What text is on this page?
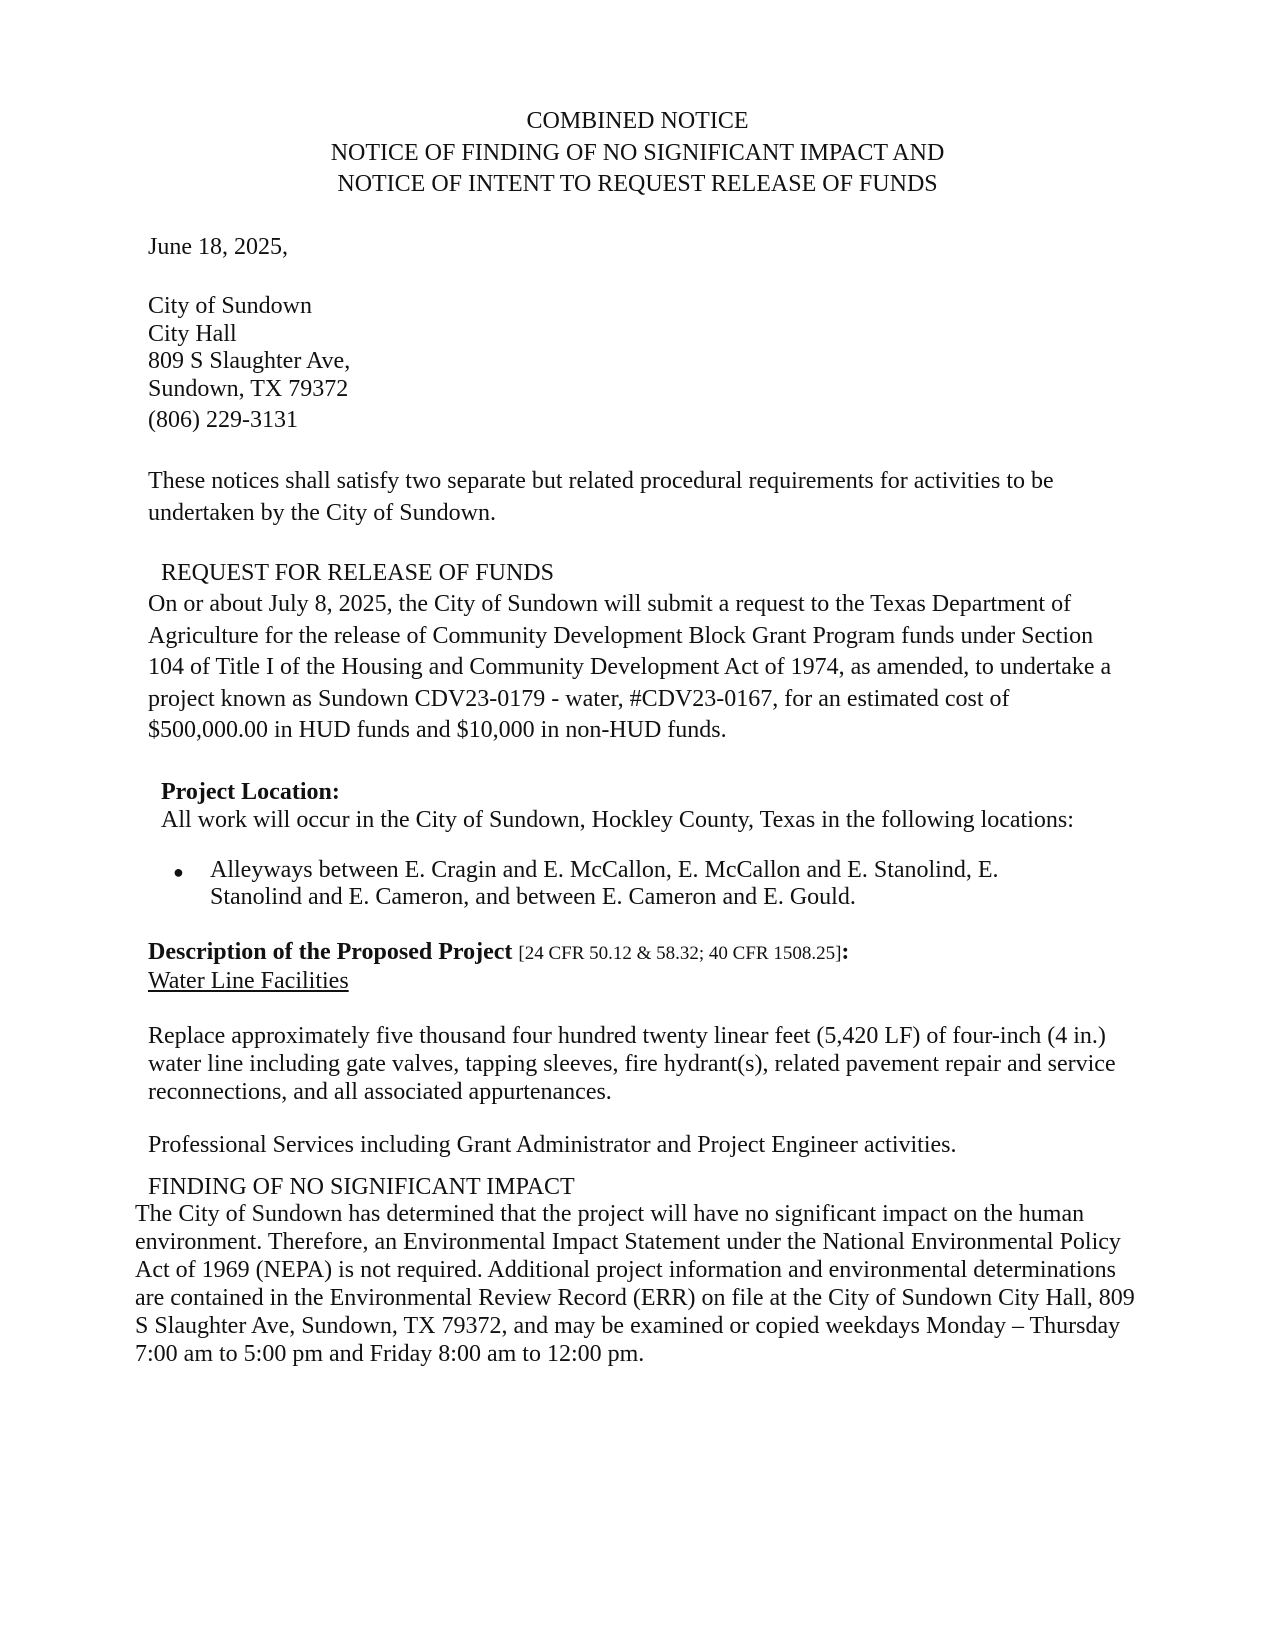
COMBINED NOTICE

NOTICE OF FINDING OF NO SIGNIFICANT IMPACT AND

NOTICE OF INTENT TO REQUEST RELEASE OF FUNDS

June 18, 2025,

City of Sundown

City Hall

809 S Slaughter Ave,

Sundown, TX 79372

(806) 229-3131

These notices shall satisfy two separate but related procedural requirements for activities to be undertaken by the City of Sundown.

REQUEST FOR RELEASE OF FUNDS

On or about July 8, 2025, the City of Sundown will submit a request to the Texas Department of Agriculture for the release of Community Development Block Grant Program funds under Section 104 of Title I of the Housing and Community Development Act of 1974, as amended, to undertake a project known as Sundown CDV23-0179 - water, #CDV23-0167, for an estimated cost of $500,000.00 in HUD funds and $10,000 in non-HUD funds.

Project Location:

All work will occur in the City of Sundown, Hockley County, Texas in the following locations:

● Alleyways between E. Cragin and E. McCallon, E. McCallon and E. Stanolind, E. Stanolind and E. Cameron, and between E. Cameron and E. Gould.

Description of the Proposed Project [24 CFR 50.12 & 58.32; 40 CFR 1508.25]:

Water Line Facilities

Replace approximately five thousand four hundred twenty linear feet (5,420 LF) of four-inch (4 in.) water line including gate valves, tapping sleeves, fire hydrant(s), related pavement repair and service reconnections, and all associated appurtenances.

Professional Services including Grant Administrator and Project Engineer activities.

FINDING OF NO SIGNIFICANT IMPACT

The City of Sundown has determined that the project will have no significant impact on the human environment. Therefore, an Environmental Impact Statement under the National Environmental Policy Act of 1969 (NEPA) is not required. Additional project information and environmental determinations are contained in the Environmental Review Record (ERR) on file at the City of Sundown City Hall, 809 S Slaughter Ave, Sundown, TX 79372, and may be examined or copied weekdays Monday – Thursday 7:00 am to 5:00 pm and Friday 8:00 am to 12:00 pm.
